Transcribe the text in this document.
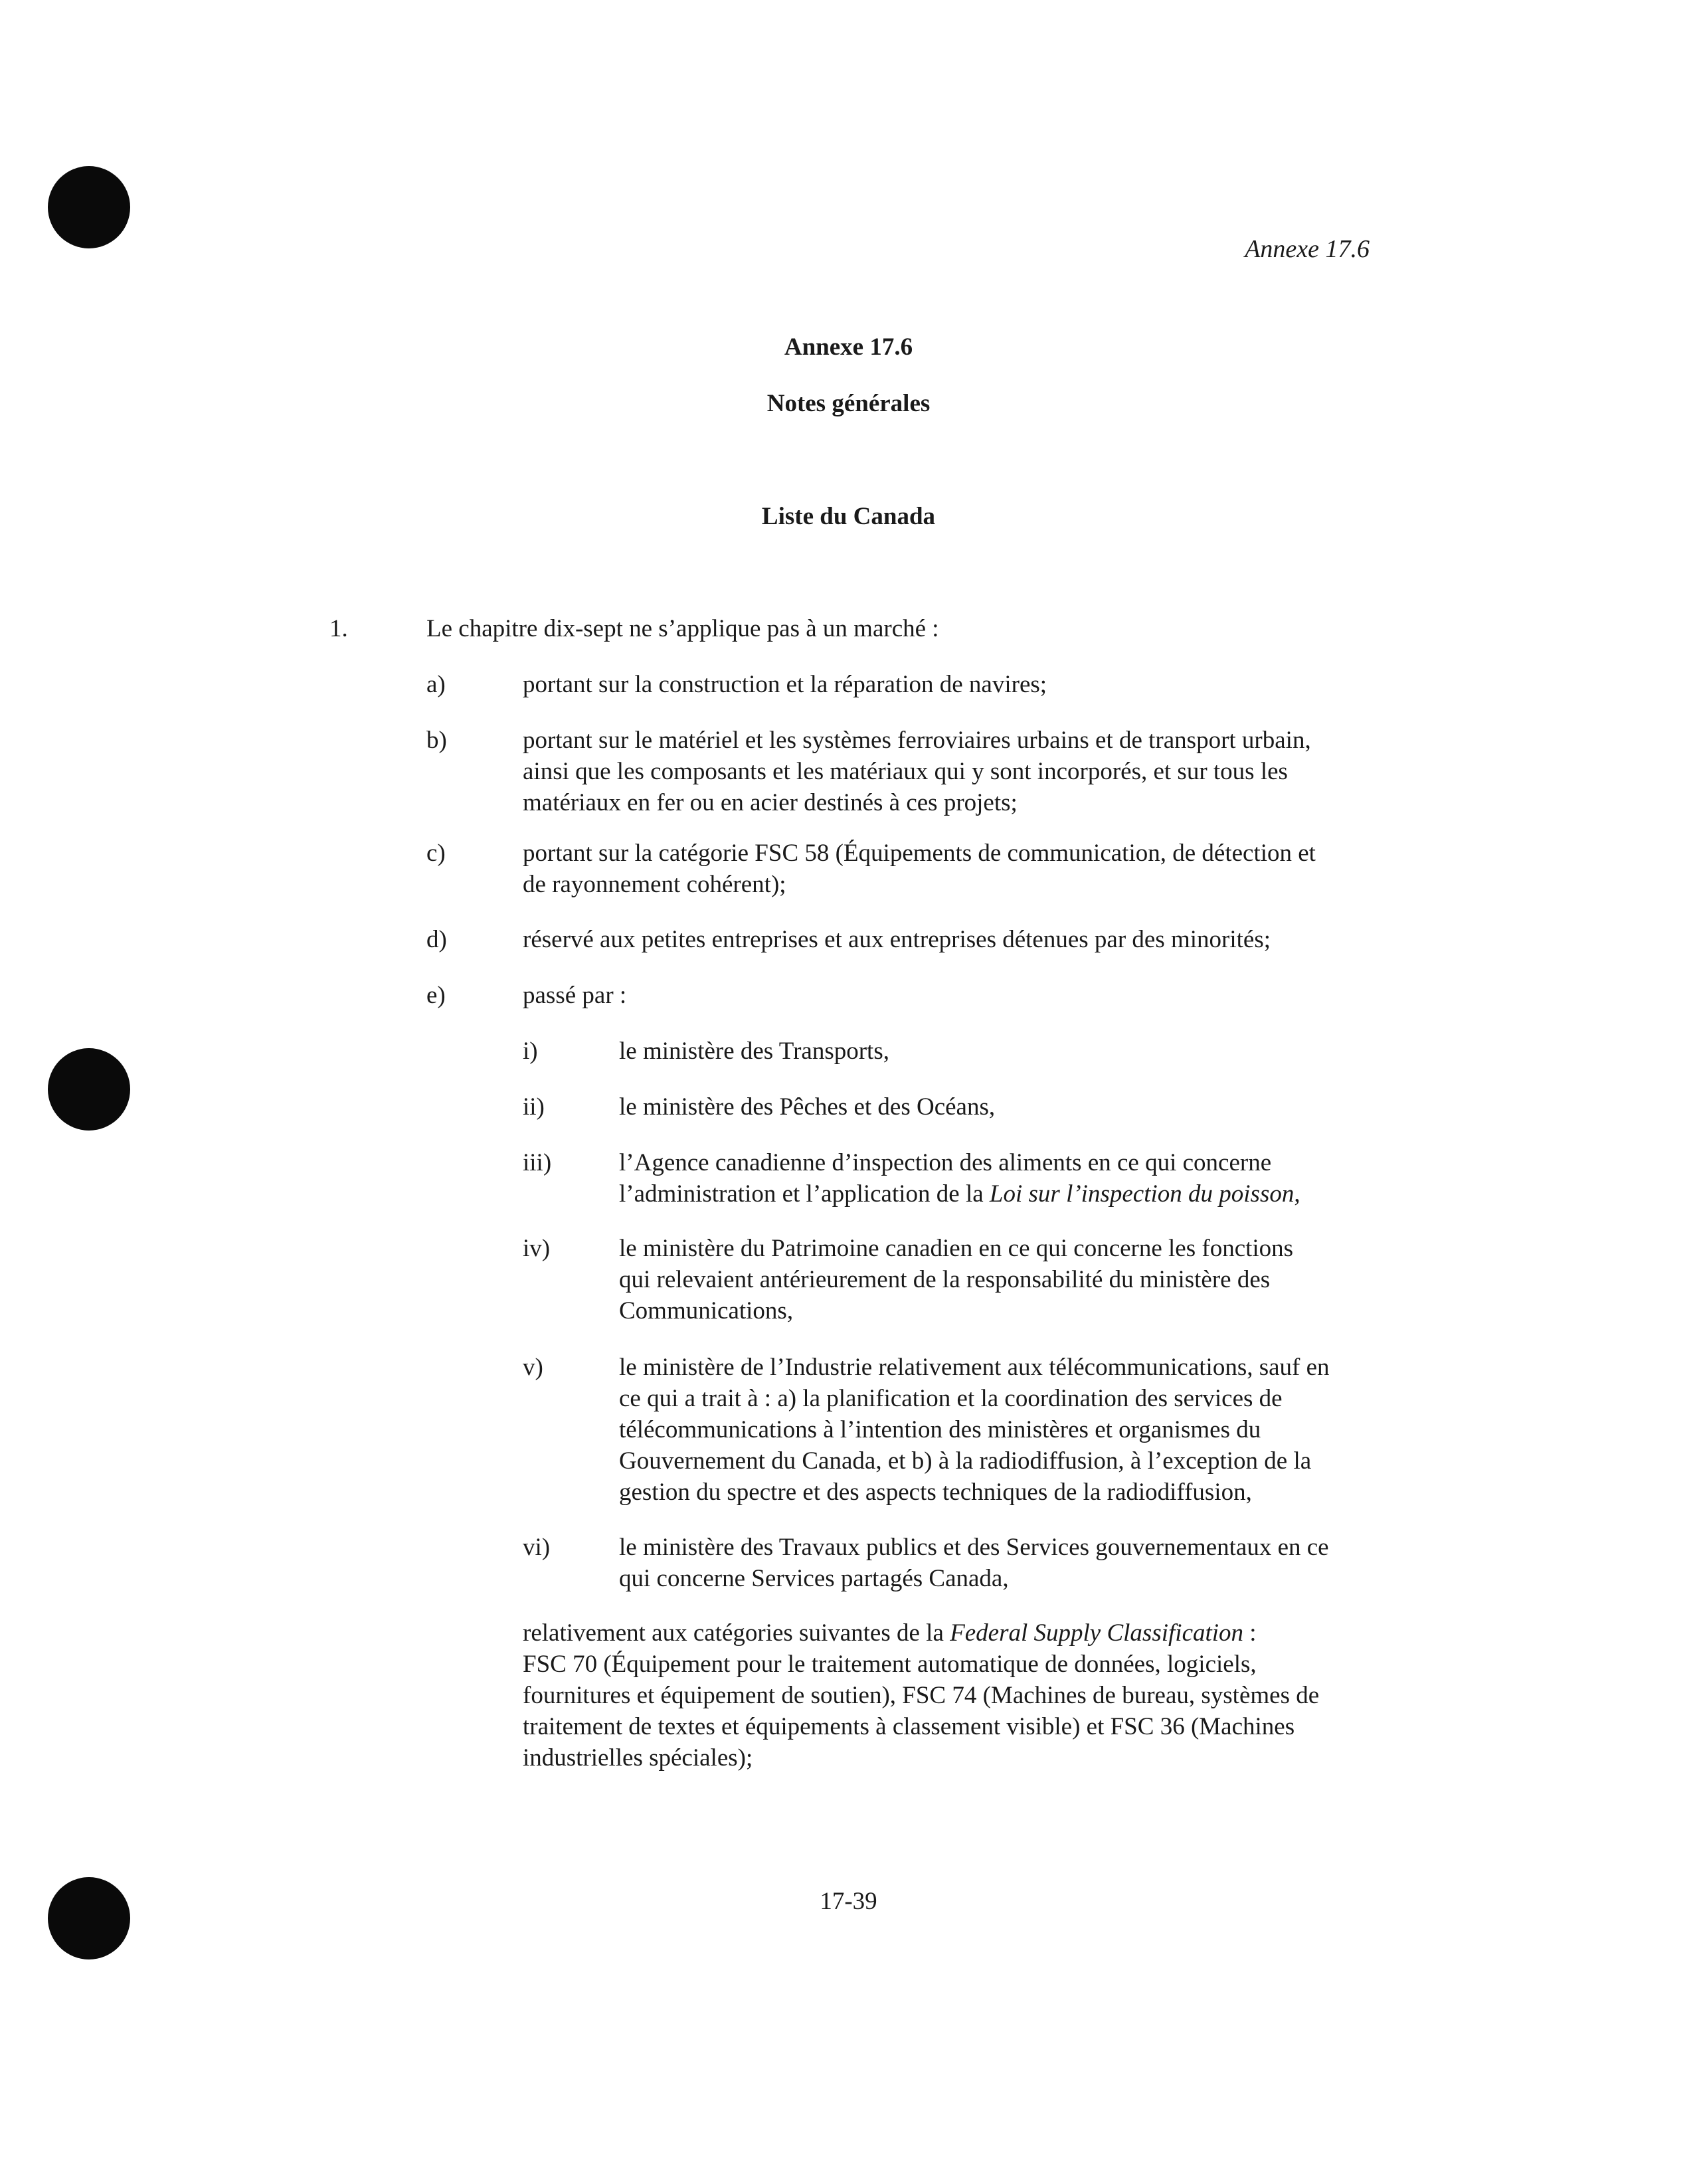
Annexe 17.6
Annexe 17.6
Notes générales
Liste du Canada
1.	Le chapitre dix-sept ne s’applique pas à un marché :
a)	portant sur la construction et la réparation de navires;
b)	portant sur le matériel et les systèmes ferroviaires urbains et de transport urbain,
ainsi que les composants et les matériaux qui y sont incorporés, et sur tous les
matériaux en fer ou en acier destinés à ces projets;
c)	portant sur la catégorie FSC 58 (Équipements de communication, de détection et
de rayonnement cohérent);
d)	réservé aux petites entreprises et aux entreprises détenues par des minorités;
e)	passé par :
i)	le ministère des Transports,
ii)	le ministère des Pêches et des Océans,
iii)	l’Agence canadienne d’inspection des aliments en ce qui concerne
l’administration et l’application de la Loi sur l’inspection du poisson,
iv)	le ministère du Patrimoine canadien en ce qui concerne les fonctions
qui relevaient antérieurement de la responsabilité du ministère des
Communications,
v)	le ministère de l’Industrie relativement aux télécommunications, sauf en
ce qui a trait à : a) la planification et la coordination des services de
télécommunications à l’intention des ministères et organismes du
Gouvernement du Canada, et b) à la radiodiffusion, à l’exception de la
gestion du spectre et des aspects techniques de la radiodiffusion,
vi)	le ministère des Travaux publics et des Services gouvernementaux en ce
qui concerne Services partagés Canada,
relativement aux catégories suivantes de la Federal Supply Classification :
FSC 70 (Équipement pour le traitement automatique de données, logiciels,
fournitures et équipement de soutien), FSC 74 (Machines de bureau, systèmes de
traitement de textes et équipements à classement visible) et FSC 36 (Machines
industrielles spéciales);
17-39
